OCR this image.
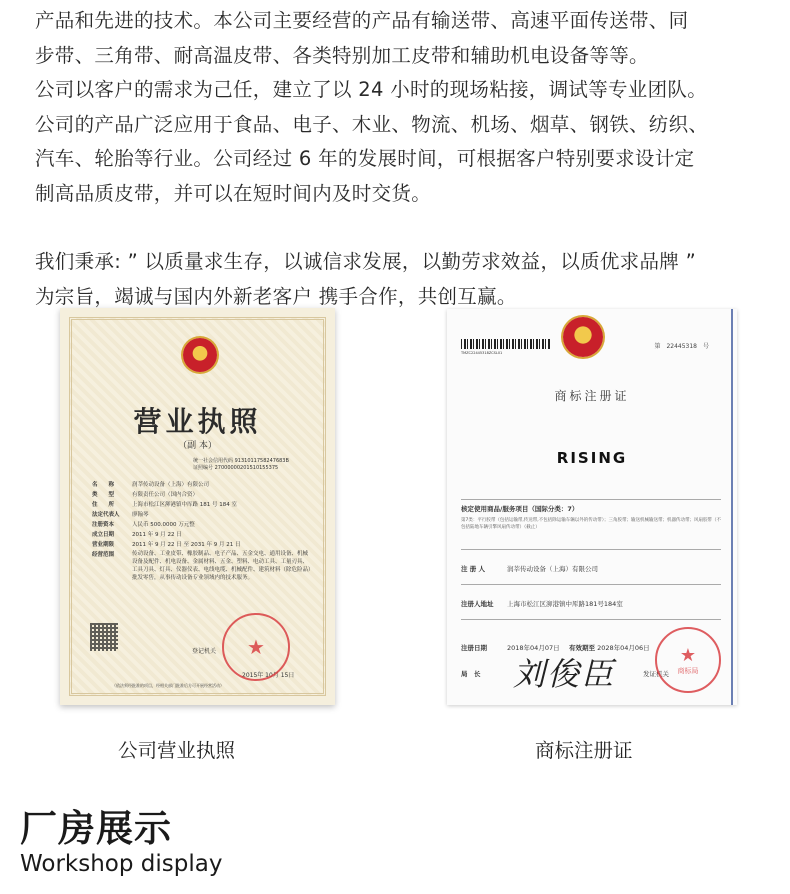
产品和先进的技术。本公司主要经营的产品有输送带、高速平面传送带、同

步带、三角带、耐高温皮带、各类特别加工皮带和辅助机电设备等等。

公司以客户的需求为己任，建立了以 24 小时的现场粘接，调试等专业团队。

公司的产品广泛应用于食品、电子、木业、物流、机场、烟草、钢铁、纺织、

汽车、轮胎等行业。公司经过 6 年的发展时间，可根据客户特别要求设计定

制高品质皮带，并可以在短时间内及时交货。

我们秉承: ” 以质量求生存，以诚信求发展，以勤劳求效益，以质优求品牌 ”

为宗旨，竭诚与国内外新老客户 携手合作，共创互赢。

营业执照
（副 本）
统一社会信用代码 9131011758247683B
证照编号 27000000201510155375
名　　称	润莘传动设备（上海）有限公司
类　　型	有限责任公司（国内合资）
住　　所	上海市松江区泖港镇中厍路 181 号 184 室
法定代表人	廖翰琴
注册资本	人民币 500.0000 万元整
成立日期	2011 年 9 月 22 日
营业期限	2011 年 9 月 22 日 至 2031 年 9 月 21 日
经营范围	传动设备、工业皮带、橡胶制品、电子产品、五金交电、通用设备、机械设备及配件、机电设备、金属材料、五金、塑料、电动工具、工量刃具、工具刀具、灯具、仪器仪表、电线电缆、机械配件、建筑材料（除危险品）批发零售，从事传动设备专业领域内的技术服务。
登记机关
2015年 10月 15日
★
（依法须经批准的项目，经相关部门批准后方可开展经营活动）
TMZC22445318ZCSL01
第　22445318　号
商标注册证
RISING
核定使用商品/服务项目（国际分类：7）
第7类：平行胶带（包括运输带,传送带,不包括除运输车辆以外的传动带）；三角胶带；输送机械输送带；机器传动带；风扇胶带（不包括陆地车辆引擎风扇传动带）（截止）
注 册 人	润莘传动设备（上海）有限公司
注册人地址 上海市松江区泖港镇中厍路181号184室
注册日期	2018年04月07日 有效期至 2028年04月06日
局　长	发证机关
刘俊臣	★
商标局
公司营业执照	商标注册证
厂房展示
Workshop display
